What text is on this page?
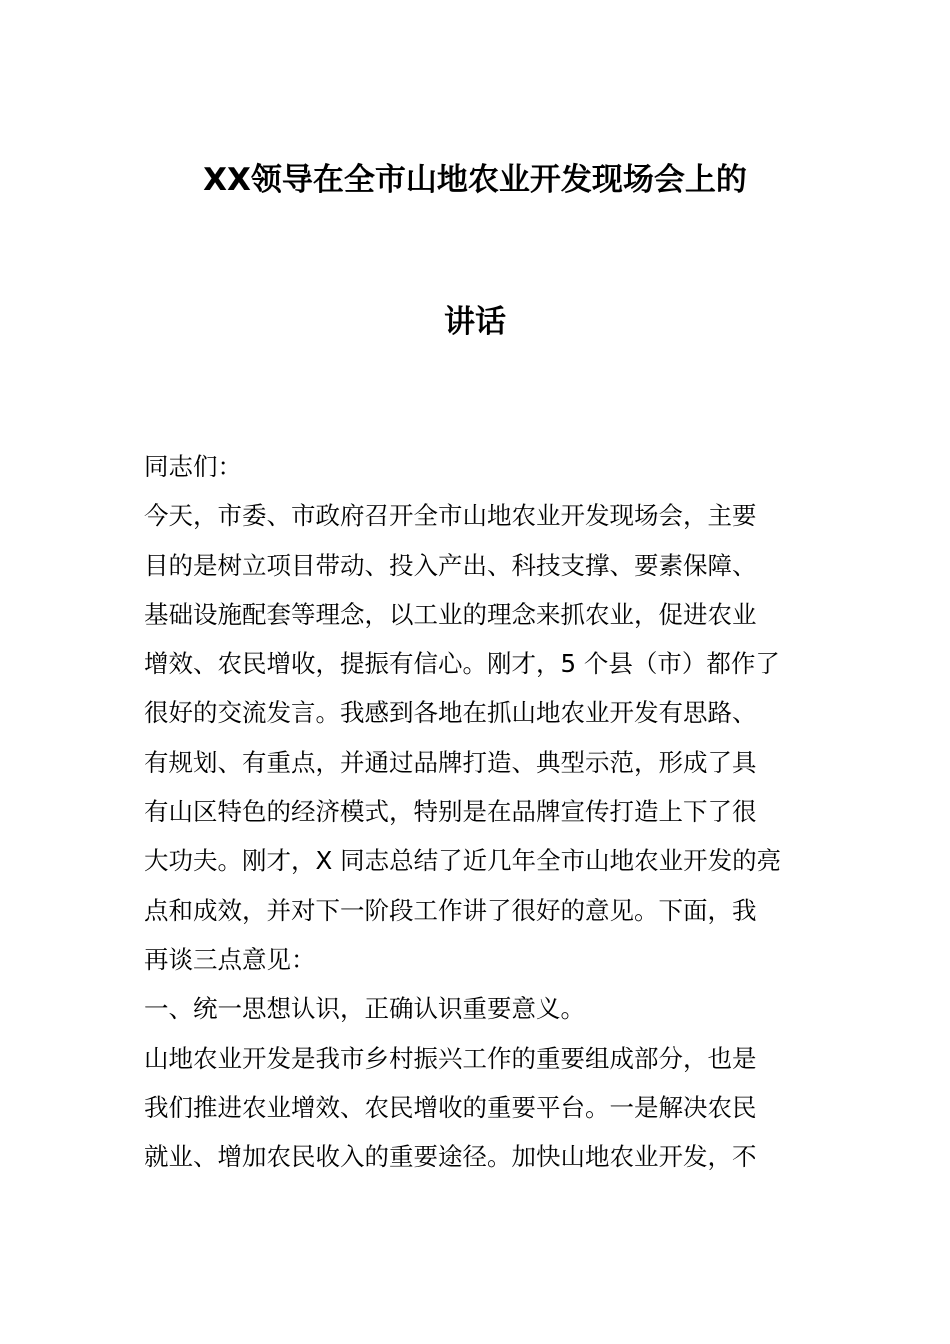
XX领导在全市山地农业开发现场会上的
讲话
同志们：
今天，市委、市政府召开全市山地农业开发现场会，主要
目的是树立项目带动、投入产出、科技支撑、要素保障、
基础设施配套等理念，以工业的理念来抓农业，促进农业
增效、农民增收，提振有信心。刚才，5 个县（市）都作了
很好的交流发言。我感到各地在抓山地农业开发有思路、
有规划、有重点，并通过品牌打造、典型示范，形成了具
有山区特色的经济模式，特别是在品牌宣传打造上下了很
大功夫。刚才，X 同志总结了近几年全市山地农业开发的亮
点和成效，并对下一阶段工作讲了很好的意见。下面，我
再谈三点意见：
一、统一思想认识，正确认识重要意义。
山地农业开发是我市乡村振兴工作的重要组成部分，也是
我们推进农业增效、农民增收的重要平台。一是解决农民
就业、增加农民收入的重要途径。加快山地农业开发，不
